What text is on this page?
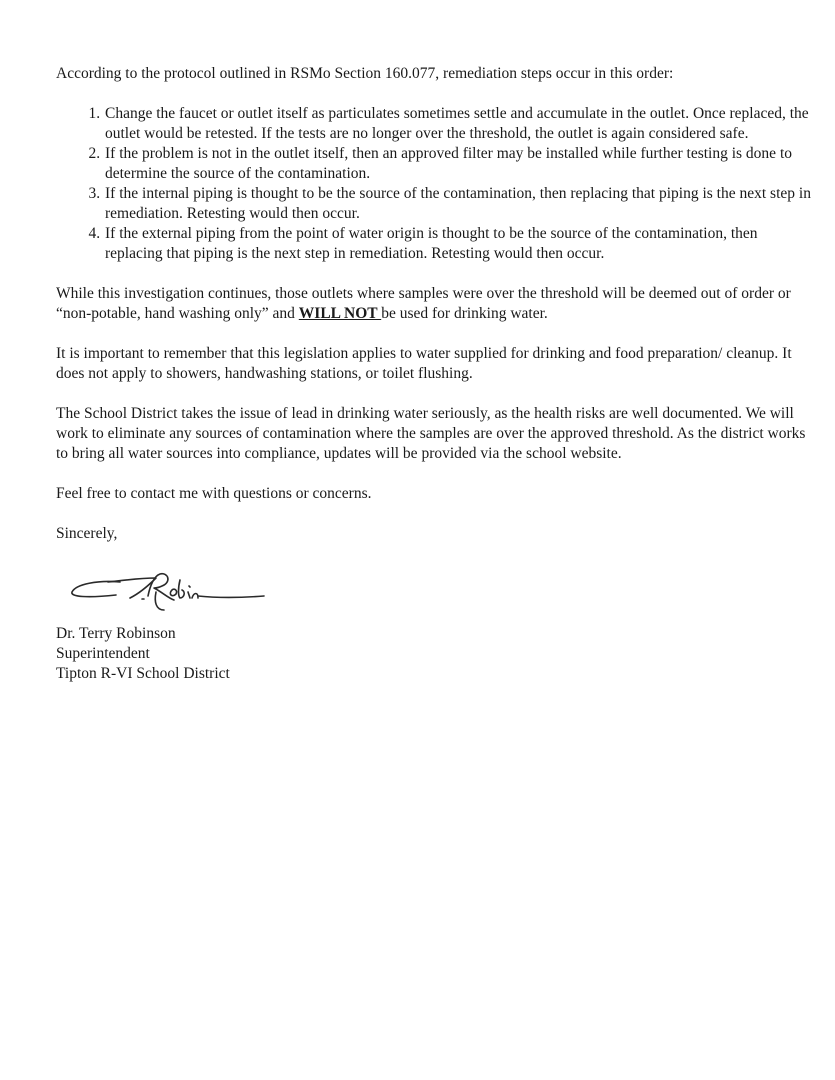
According to the protocol outlined in RSMo Section 160.077, remediation steps occur in this order:

1. Change the faucet or outlet itself as particulates sometimes settle and accumulate in the outlet. Once replaced, the outlet would be retested. If the tests are no longer over the threshold, the outlet is again considered safe.
2. If the problem is not in the outlet itself, then an approved filter may be installed while further testing is done to determine the source of the contamination.
3. If the internal piping is thought to be the source of the contamination, then replacing that piping is the next step in remediation. Retesting would then occur.
4. If the external piping from the point of water origin is thought to be the source of the contamination, then replacing that piping is the next step in remediation. Retesting would then occur.

While this investigation continues, those outlets where samples were over the threshold will be deemed out of order or “non-potable, hand washing only” and WILL NOT be used for drinking water.

It is important to remember that this legislation applies to water supplied for drinking and food preparation/ cleanup. It does not apply to showers, handwashing stations, or toilet flushing.

The School District takes the issue of lead in drinking water seriously, as the health risks are well documented. We will work to eliminate any sources of contamination where the samples are over the approved threshold. As the district works to bring all water sources into compliance, updates will be provided via the school website.

Feel free to contact me with questions or concerns.

Sincerely,

Dr. Terry Robinson
Superintendent
Tipton R-VI School District
